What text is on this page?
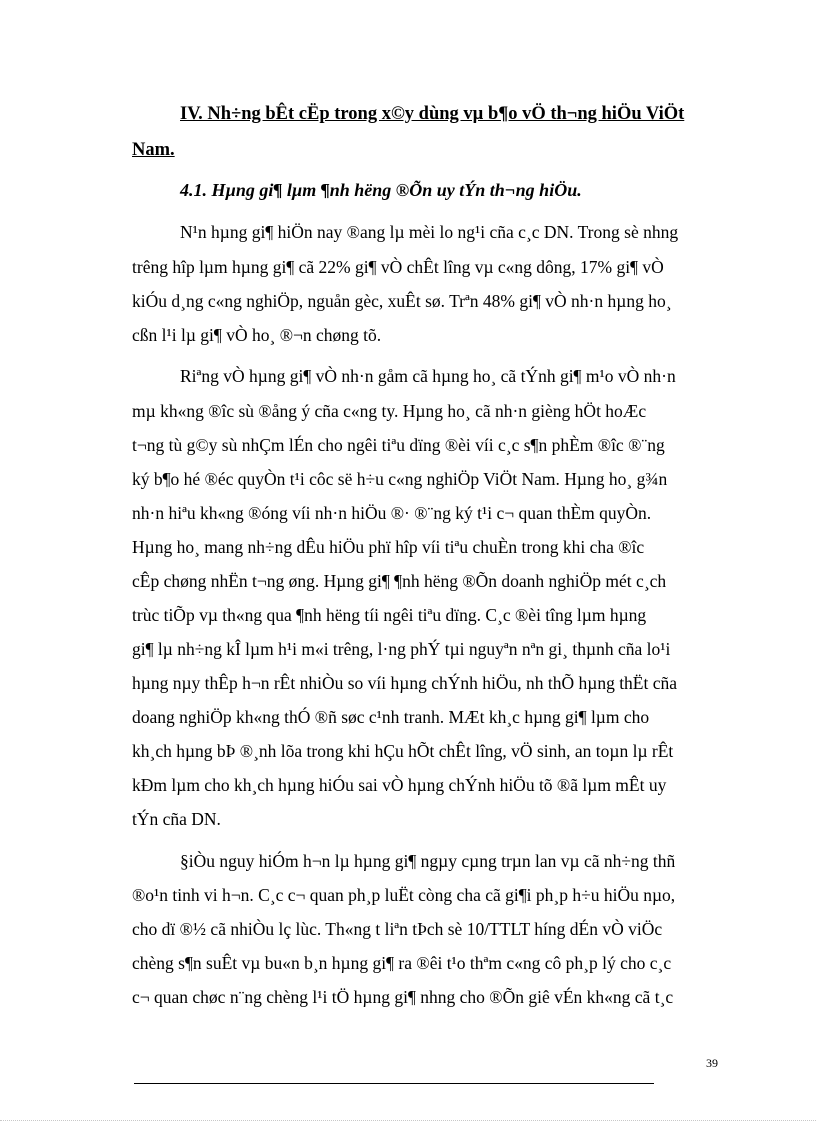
IV. Nh÷ng bÊt cËp trong x©y dùng vµ b¶o vÖ th¬ng hiÖu ViÖt
Nam.
4.1. Hµng gi¶ lµm ¶nh hëng ®Õn uy tÝn th¬ng hiÖu.
N¹n hµng gi¶ hiÖn nay ®ang lµ mèi lo ng¹i cña c¸c DN. Trong sè nhng
trêng hîp lµm hµng gi¶ cã 22% gi¶ vÒ chÊt lîng vµ c«ng dông, 17% gi¶ vÒ
kiÓu d¸ng c«ng nghiÖp, nguån gèc, xuÊt sø. Trªn 48% gi¶ vÒ nh·n hµng ho¸
cßn l¹i lµ gi¶ vÒ ho¸ ®¬n chøng tõ.
Riªng vÒ hµng gi¶ vÒ nh·n gåm cã hµng ho¸ cã tÝnh gi¶ m¹o vÒ nh·n
mµ kh«ng ®îc sù ®ång ý cña c«ng ty. Hµng ho¸ cã nh·n gièng hÖt hoÆc
t¬ng tù g©y sù nhÇm lÉn cho ngêi tiªu dïng ®èi víi c¸c s¶n phÈm ®îc ®¨ng
ký b¶o hé ®éc quyÒn t¹i côc së h÷u c«ng nghiÖp ViÖt Nam. Hµng ho¸ g¾n
nh·n hiªu kh«ng ®óng víi nh·n hiÖu ®· ®¨ng ký t¹i c¬ quan thÈm quyÒn.
Hµng ho¸ mang nh÷ng dÊu hiÖu phï hîp víi tiªu chuÈn trong khi cha ®îc
cÊp chøng nhËn t¬ng øng. Hµng gi¶ ¶nh hëng ®Õn doanh nghiÖp mét c¸ch
trùc tiÕp vµ th«ng qua ¶nh hëng tíi ngêi tiªu dïng. C¸c ®èi tîng lµm hµng
gi¶ lµ nh÷ng kÎ lµm h¹i m«i trêng, l·ng phÝ tµi nguyªn nªn gi¸ thµnh cña lo¹i
hµng nµy thÊp h¬n rÊt nhiÒu so víi hµng chÝnh hiÖu, nh thÕ hµng thËt cña
doang nghiÖp kh«ng thÓ ®ñ søc c¹nh tranh. MÆt kh¸c hµng gi¶ lµm cho
kh¸ch hµng bÞ ®¸nh lõa trong khi hÇu hÕt chÊt lîng, vÖ sinh, an toµn lµ rÊt
kÐm lµm cho kh¸ch hµng hiÓu sai vÒ hµng chÝnh hiÖu tõ ®ã lµm mÊt uy
tÝn cña DN.
§iÒu nguy hiÓm h¬n lµ hµng gi¶ ngµy cµng trµn lan vµ cã nh÷ng thñ
®o¹n tinh vi h¬n. C¸c c¬ quan ph¸p luËt còng cha cã gi¶i ph¸p h÷u hiÖu nµo,
cho dï ®½ cã nhiÒu lç lùc. Th«ng t liªn tÞch sè 10/TTLT híng dÉn vÒ viÖc
chèng s¶n suÊt vµ bu«n b¸n hµng gi¶ ra ®êi t¹o thªm c«ng cô ph¸p lý cho c¸c
c¬ quan chøc n¨ng chèng l¹i tÖ hµng gi¶ nhng cho ®Õn giê vÉn kh«ng cã t¸c
39
